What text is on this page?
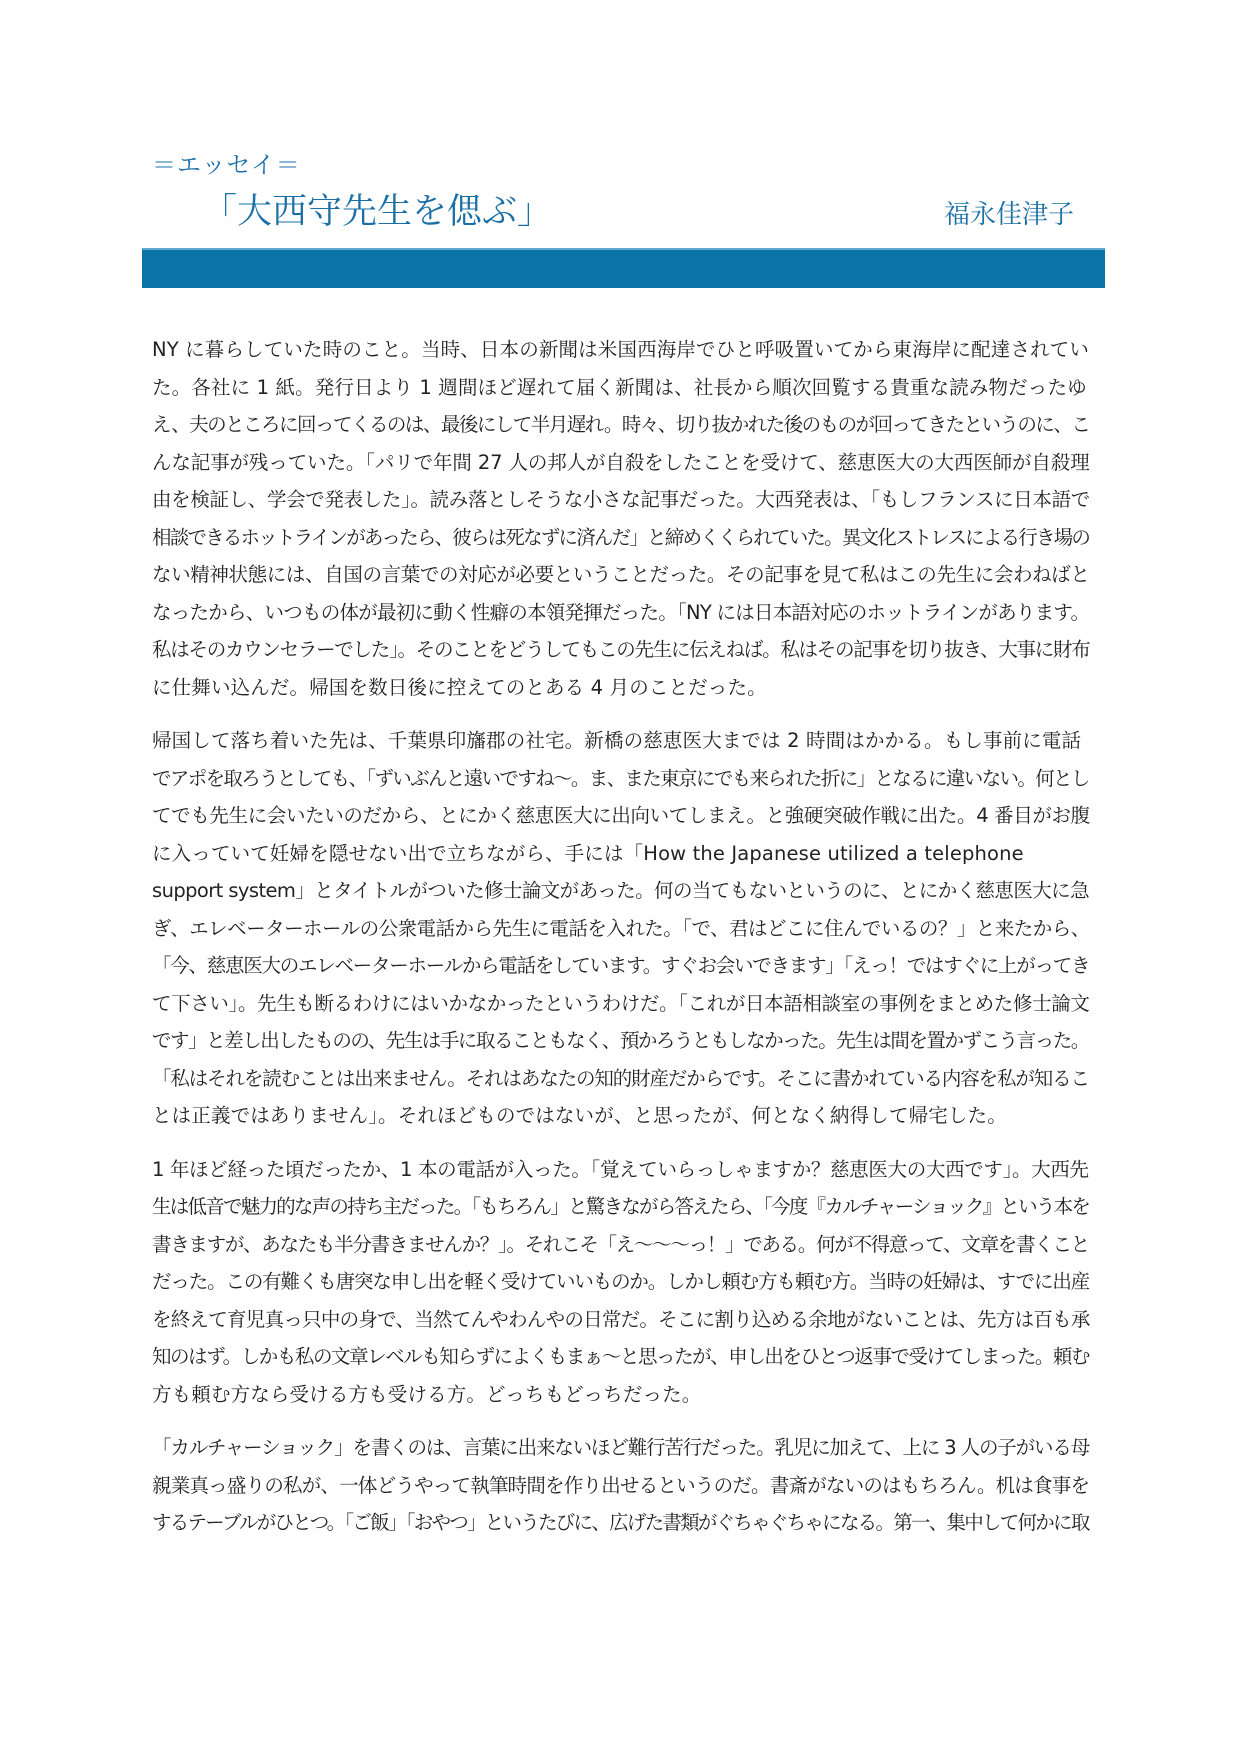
＝エッセイ＝
「大西守先生を偲ぶ」	福永佳津子

NY に暮らしていた時のこと。当時、日本の新聞は米国西海岸でひと呼吸置いてから東海岸に配達されてい
た。各社に 1 紙。発行日より 1 週間ほど遅れて届く新聞は、社長から順次回覧する貴重な読み物だったゆ
え、夫のところに回ってくるのは、最後にして半月遅れ。時々、切り抜かれた後のものが回ってきたというのに、こ
んな記事が残っていた。「パリで年間 27 人の邦人が自殺をしたことを受けて、慈恵医大の大西医師が自殺理
由を検証し、学会で発表した」。読み落としそうな小さな記事だった。大西発表は、「もしフランスに日本語で
相談できるホットラインがあったら、彼らは死なずに済んだ」と締めくくられていた。異文化ストレスによる行き場の
ない精神状態には、自国の言葉での対応が必要ということだった。その記事を見て私はこの先生に会わねばと
なったから、いつもの体が最初に動く性癖の本領発揮だった。「NY には日本語対応のホットラインがあります。
私はそのカウンセラーでした」。そのことをどうしてもこの先生に伝えねば。私はその記事を切り抜き、大事に財布
に仕舞い込んだ。帰国を数日後に控えてのとある 4 月のことだった。

帰国して落ち着いた先は、千葉県印旛郡の社宅。新橋の慈恵医大までは 2 時間はかかる。もし事前に電話
でアポを取ろうとしても、「ずいぶんと遠いですね～。ま、また東京にでも来られた折に」となるに違いない。何とし
てでも先生に会いたいのだから、とにかく慈恵医大に出向いてしまえ。と強硬突破作戦に出た。4 番目がお腹
に入っていて妊婦を隠せない出で立ちながら、手には「How the Japanese utilized a telephone
support system」とタイトルがついた修士論文があった。何の当てもないというのに、とにかく慈恵医大に急
ぎ、エレベーターホールの公衆電話から先生に電話を入れた。「で、君はどこに住んでいるの？」と来たから、
「今、慈恵医大のエレベーターホールから電話をしています。すぐお会いできます」「えっ！ではすぐに上がってき
て下さい」。先生も断るわけにはいかなかったというわけだ。「これが日本語相談室の事例をまとめた修士論文
です」と差し出したものの、先生は手に取ることもなく、預かろうともしなかった。先生は間を置かずこう言った。
「私はそれを読むことは出来ません。それはあなたの知的財産だからです。そこに書かれている内容を私が知るこ
とは正義ではありません」。それほどものではないが、と思ったが、何となく納得して帰宅した。

1 年ほど経った頃だったか、1 本の電話が入った。「覚えていらっしゃますか？慈恵医大の大西です」。大西先
生は低音で魅力的な声の持ち主だった。「もちろん」と驚きながら答えたら、「今度『カルチャーショック』という本を
書きますが、あなたも半分書きませんか？」。それこそ「え～～～っ！」である。何が不得意って、文章を書くこと
だった。この有難くも唐突な申し出を軽く受けていいものか。しかし頼む方も頼む方。当時の妊婦は、すでに出産
を終えて育児真っ只中の身で、当然てんやわんやの日常だ。そこに割り込める余地がないことは、先方は百も承
知のはず。しかも私の文章レベルも知らずによくもまぁ～と思ったが、申し出をひとつ返事で受けてしまった。頼む
方も頼む方なら受ける方も受ける方。どっちもどっちだった。

「カルチャーショック」を書くのは、言葉に出来ないほど難行苦行だった。乳児に加えて、上に 3 人の子がいる母
親業真っ盛りの私が、一体どうやって執筆時間を作り出せるというのだ。書斎がないのはもちろん。机は食事を
するテーブルがひとつ。「ご飯」「おやつ」というたびに、広げた書類がぐちゃぐちゃになる。第一、集中して何かに取
